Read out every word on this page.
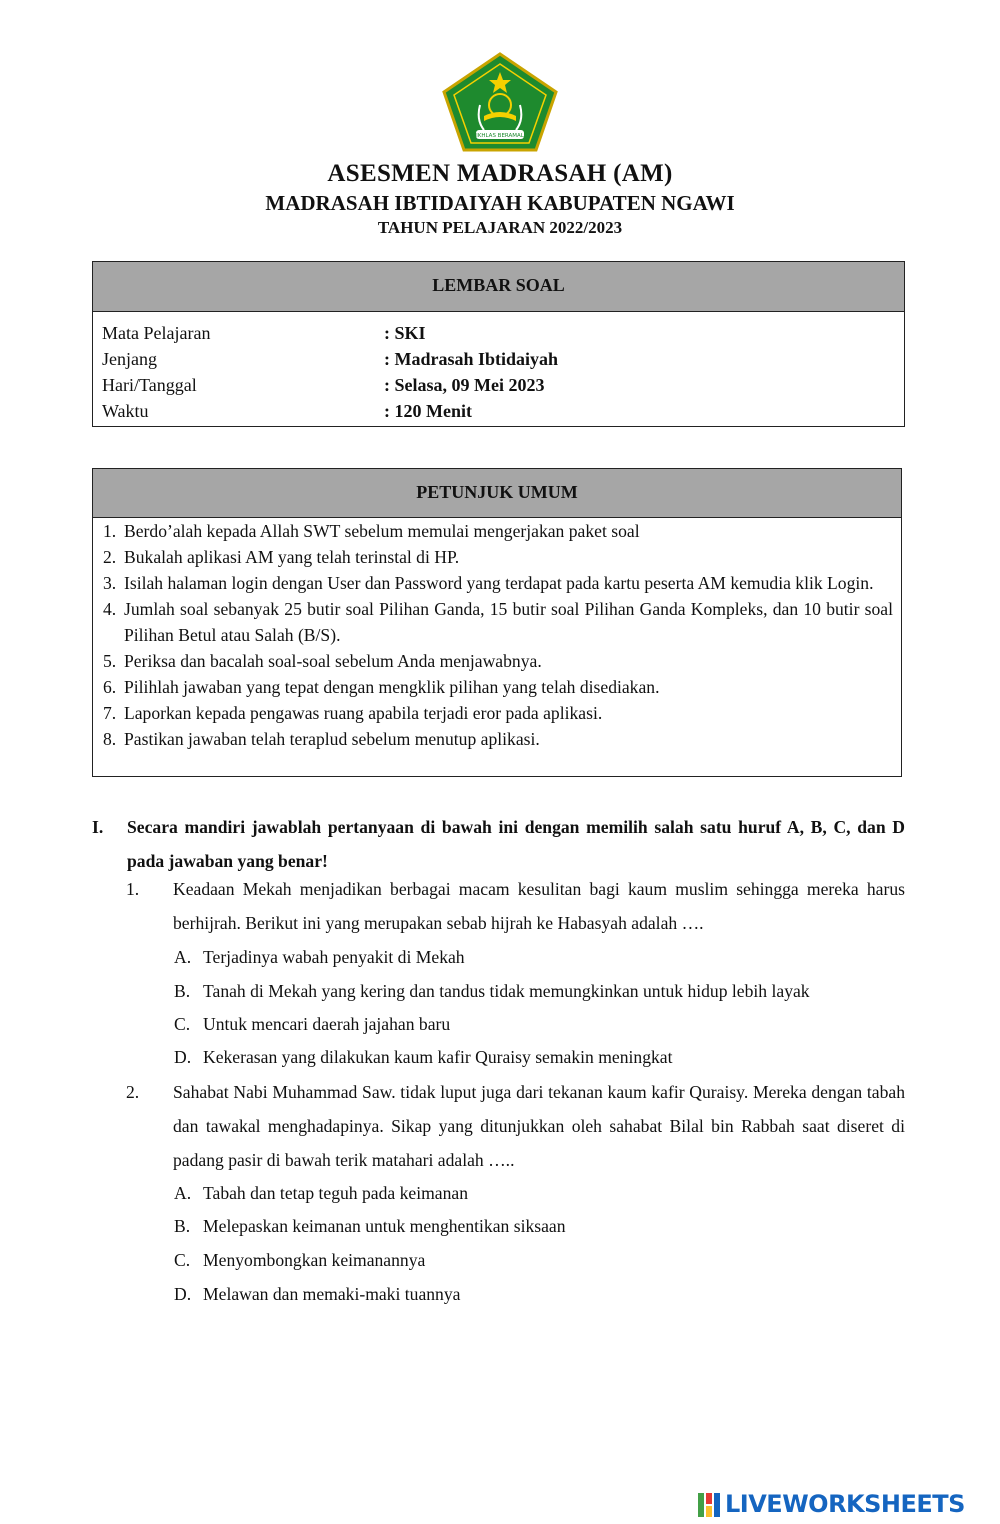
IKHLAS BERAMAL
ASESMEN MADRASAH (AM)
MADRASAH IBTIDAIYAH KABUPATEN NGAWI
TAHUN PELAJARAN 2022/2023
LEMBAR SOAL
Mata Pelajaran	: SKI
Jenjang	: Madrasah Ibtidaiyah
Hari/Tanggal	: Selasa, 09 Mei 2023
Waktu	: 120 Menit
PETUNJUK UMUM
1. Berdo’alah kepada Allah SWT sebelum memulai mengerjakan paket soal
2. Bukalah aplikasi AM yang telah terinstal di HP.
3. Isilah halaman login dengan User dan Password yang terdapat pada kartu peserta AM kemudia klik Login.
4. Jumlah soal sebanyak 25 butir soal Pilihan Ganda, 15 butir soal Pilihan Ganda Kompleks, dan 10 butir soal Pilihan Betul atau Salah (B/S).
5. Periksa dan bacalah soal-soal sebelum Anda menjawabnya.
6. Pilihlah jawaban yang tepat dengan mengklik pilihan yang telah disediakan.
7. Laporkan kepada pengawas ruang apabila terjadi eror pada aplikasi.
8. Pastikan jawaban telah teraplud sebelum menutup aplikasi.
I. Secara mandiri jawablah pertanyaan di bawah ini dengan memilih salah satu huruf A, B, C, dan D pada jawaban yang benar!
1. Keadaan Mekah menjadikan berbagai macam kesulitan bagi kaum muslim sehingga mereka harus berhijrah. Berikut ini yang merupakan sebab hijrah ke Habasyah adalah ….
A. Terjadinya wabah penyakit di Mekah
B. Tanah di Mekah yang kering dan tandus tidak memungkinkan untuk hidup lebih layak
C. Untuk mencari daerah jajahan baru
D. Kekerasan yang dilakukan kaum kafir Quraisy semakin meningkat
2. Sahabat Nabi Muhammad Saw. tidak luput juga dari tekanan kaum kafir Quraisy. Mereka dengan tabah dan tawakal menghadapinya. Sikap yang ditunjukkan oleh sahabat Bilal bin Rabbah saat diseret di padang pasir di bawah terik matahari adalah …..
A. Tabah dan tetap teguh pada keimanan
B. Melepaskan keimanan untuk menghentikan siksaan
C. Menyombongkan keimanannya
D. Melawan dan memaki-maki tuannya
LIVEWORKSHEETS
